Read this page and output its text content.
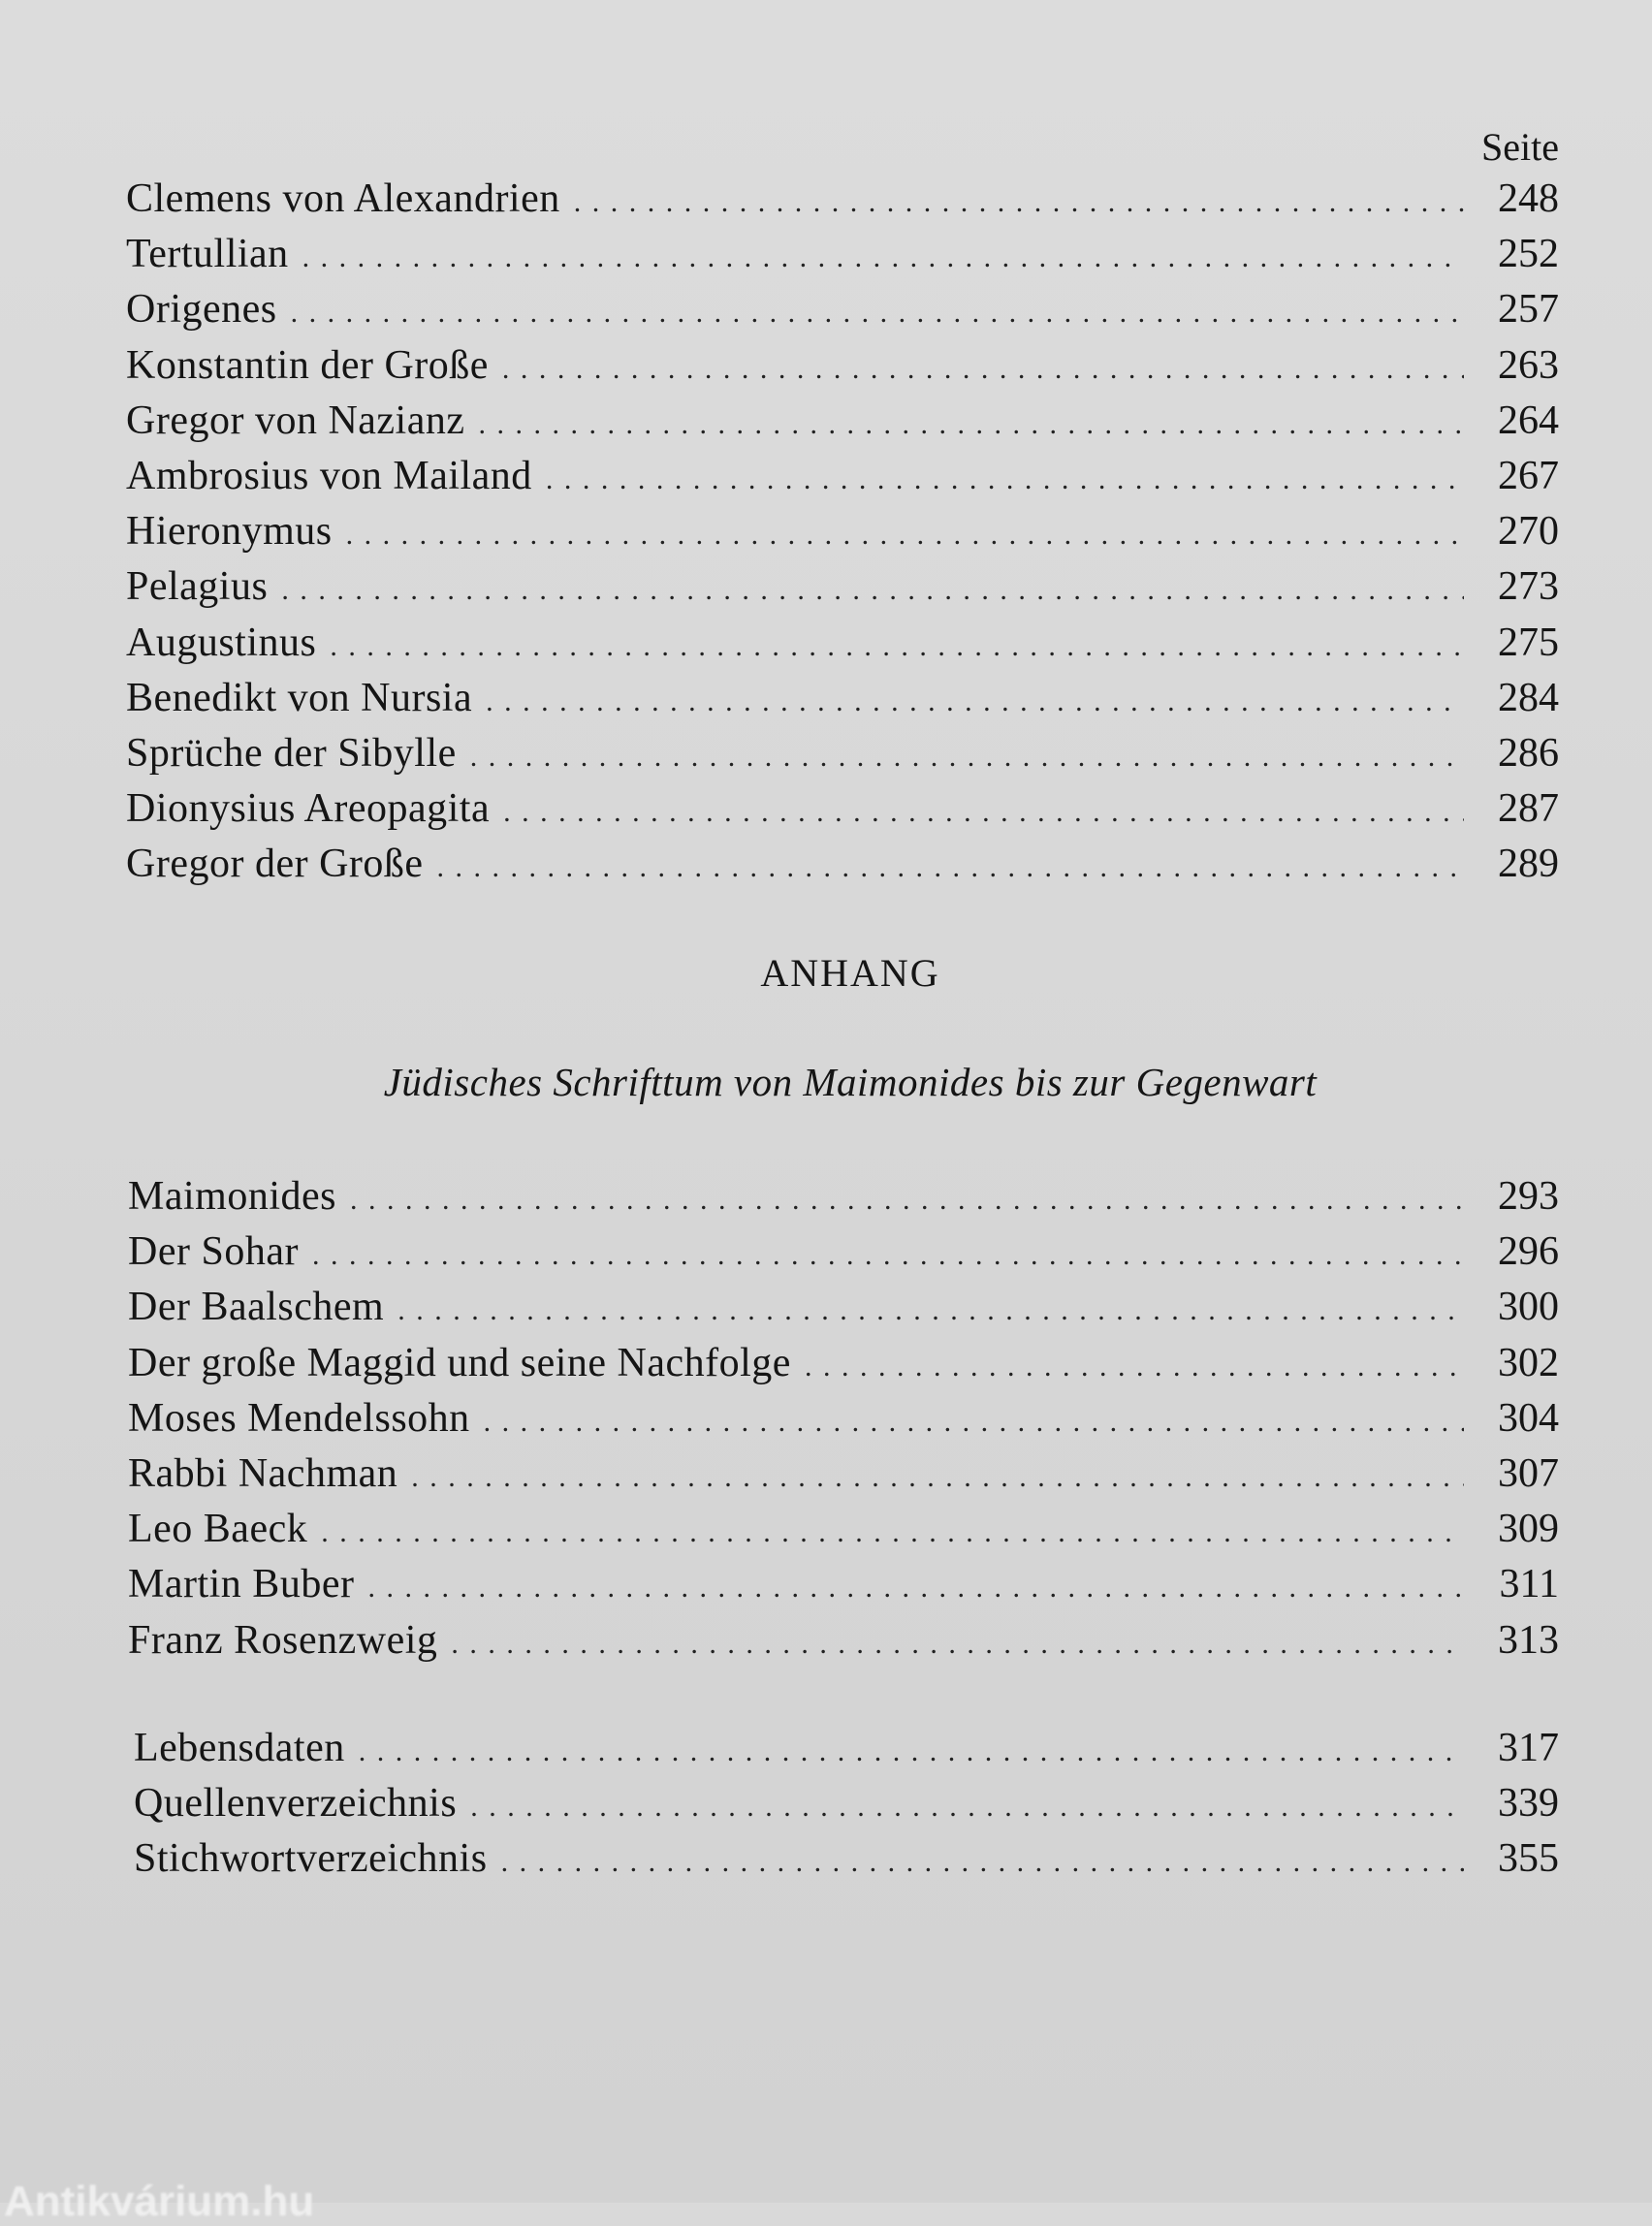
Seite
Clemens von Alexandrien . . .	248
Tertullian . . .	252
Origenes . . .	257
Konstantin der Große . . .	263
Gregor von Nazianz . . .	264
Ambrosius von Mailand . . .	267
Hieronymus . . .	270
Pelagius . . .	273
Augustinus . . .	275
Benedikt von Nursia . . .	284
Sprüche der Sibylle . . .	286
Dionysius Areopagita . . .	287
Gregor der Große . . .	289
ANHANG
Jüdisches Schrifttum von Maimonides bis zur Gegenwart
Maimonides . . .	293
Der Sohar . . .	296
Der Baalschem . . .	300
Der große Maggid und seine Nachfolge . . .	302
Moses Mendelssohn . . .	304
Rabbi Nachman . . .	307
Leo Baeck . . .	309
Martin Buber . . .	311
Franz Rosenzweig . . .	313
Lebensdaten . . .	317
Quellenverzeichnis . . .	339
Stichwortverzeichnis . . .	355
Antikvárium.hu
